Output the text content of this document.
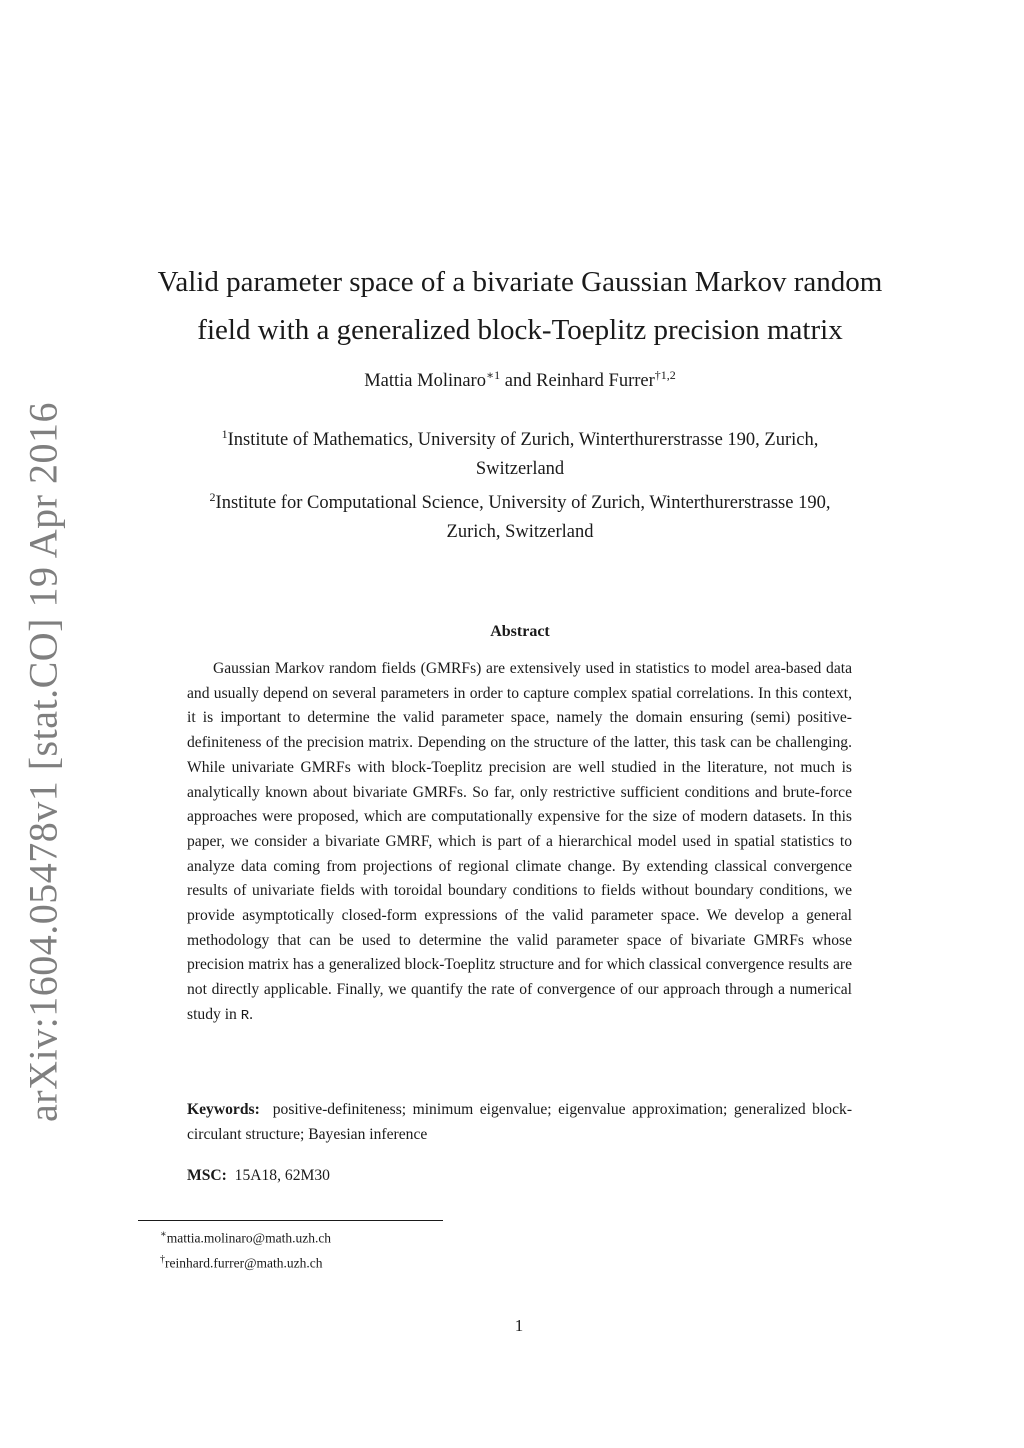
arXiv:1604.05478v1 [stat.CO] 19 Apr 2016
Valid parameter space of a bivariate Gaussian Markov random
field with a generalized block-Toeplitz precision matrix
Mattia Molinaro$^{∗1}$ and Reinhard Furrer$^{\dagger 1,2}$
$^1$Institute of Mathematics, University of Zurich, Winterthurerstrasse 190, Zurich,
Switzerland
$^2$Institute for Computational Science, University of Zurich, Winterthurerstrasse 190,
Zurich, Switzerland
Abstract
Gaussian Markov random fields (GMRFs) are extensively used in statistics to model area-based data and usually depend on several parameters in order to capture complex spatial correlations. In this context, it is important to determine the valid parameter space, namely the domain ensuring (semi) positive-definiteness of the precision matrix. Depending on the structure of the latter, this task can be challenging. While univariate GMRFs with block-Toeplitz precision are well studied in the literature, not much is analytically known about bivariate GMRFs. So far, only restrictive sufficient conditions and brute-force approaches were proposed, which are computationally expensive for the size of modern datasets. In this paper, we consider a bivariate GMRF, which is part of a hierarchical model used in spatial statistics to analyze data coming from projections of regional climate change. By extending classical convergence results of univariate fields with toroidal boundary conditions to fields without boundary conditions, we provide asymptotically closed-form expressions of the valid parameter space. We develop a general methodology that can be used to determine the valid parameter space of bivariate GMRFs whose precision matrix has a generalized block-Toeplitz structure and for which classical convergence results are not directly applicable. Finally, we quantify the rate of convergence of our approach through a numerical study in R.
Keywords: positive-definiteness; minimum eigenvalue; eigenvalue approximation; generalized block-circulant structure; Bayesian inference
MSC: 15A18, 62M30
∗mattia.molinaro@math.uzh.ch
†reinhard.furrer@math.uzh.ch
1
